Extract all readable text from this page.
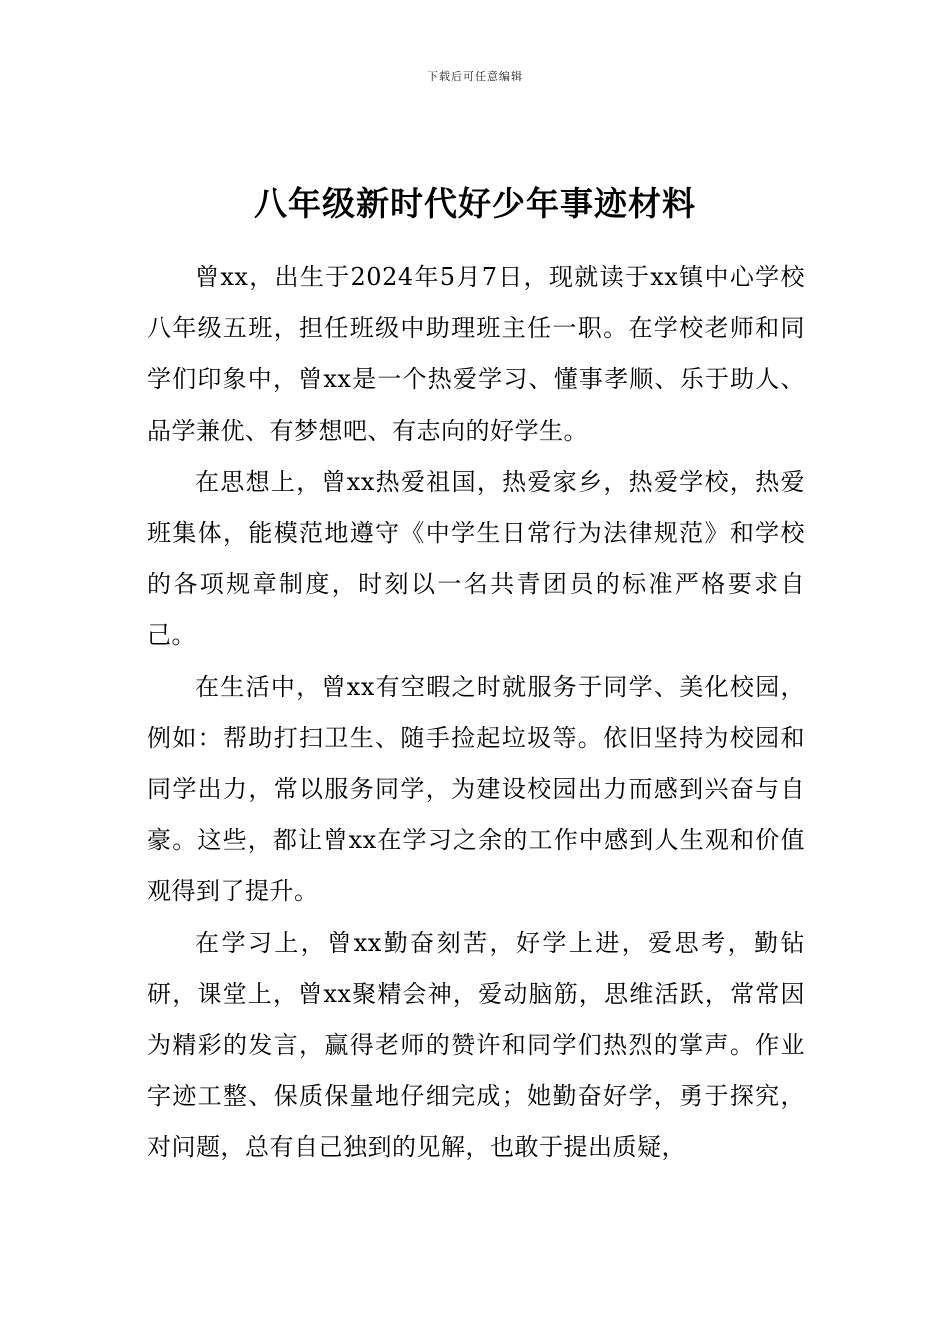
下载后可任意编辑
八年级新时代好少年事迹材料

曾xx，出生于2024年5月7日，现就读于xx镇中心学校八年级五班，担任班级中助理班主任一职。在学校老师和同学们印象中，曾xx是一个热爱学习、懂事孝顺、乐于助人、品学兼优、有梦想吧、有志向的好学生。

在思想上，曾xx热爱祖国，热爱家乡，热爱学校，热爱班集体，能模范地遵守《中学生日常行为法律规范》和学校的各项规章制度，时刻以一名共青团员的标准严格要求自己。

在生活中，曾xx有空暇之时就服务于同学、美化校园，例如：帮助打扫卫生、随手捡起垃圾等。依旧坚持为校园和同学出力，常以服务同学，为建设校园出力而感到兴奋与自豪。这些，都让曾xx在学习之余的工作中感到人生观和价值观得到了提升。

在学习上，曾xx勤奋刻苦，好学上进，爱思考，勤钻研，课堂上，曾xx聚精会神，爱动脑筋，思维活跃，常常因为精彩的发言，赢得老师的赞许和同学们热烈的掌声。作业字迹工整、保质保量地仔细完成；她勤奋好学，勇于探究，对问题，总有自己独到的见解，也敢于提出质疑，
